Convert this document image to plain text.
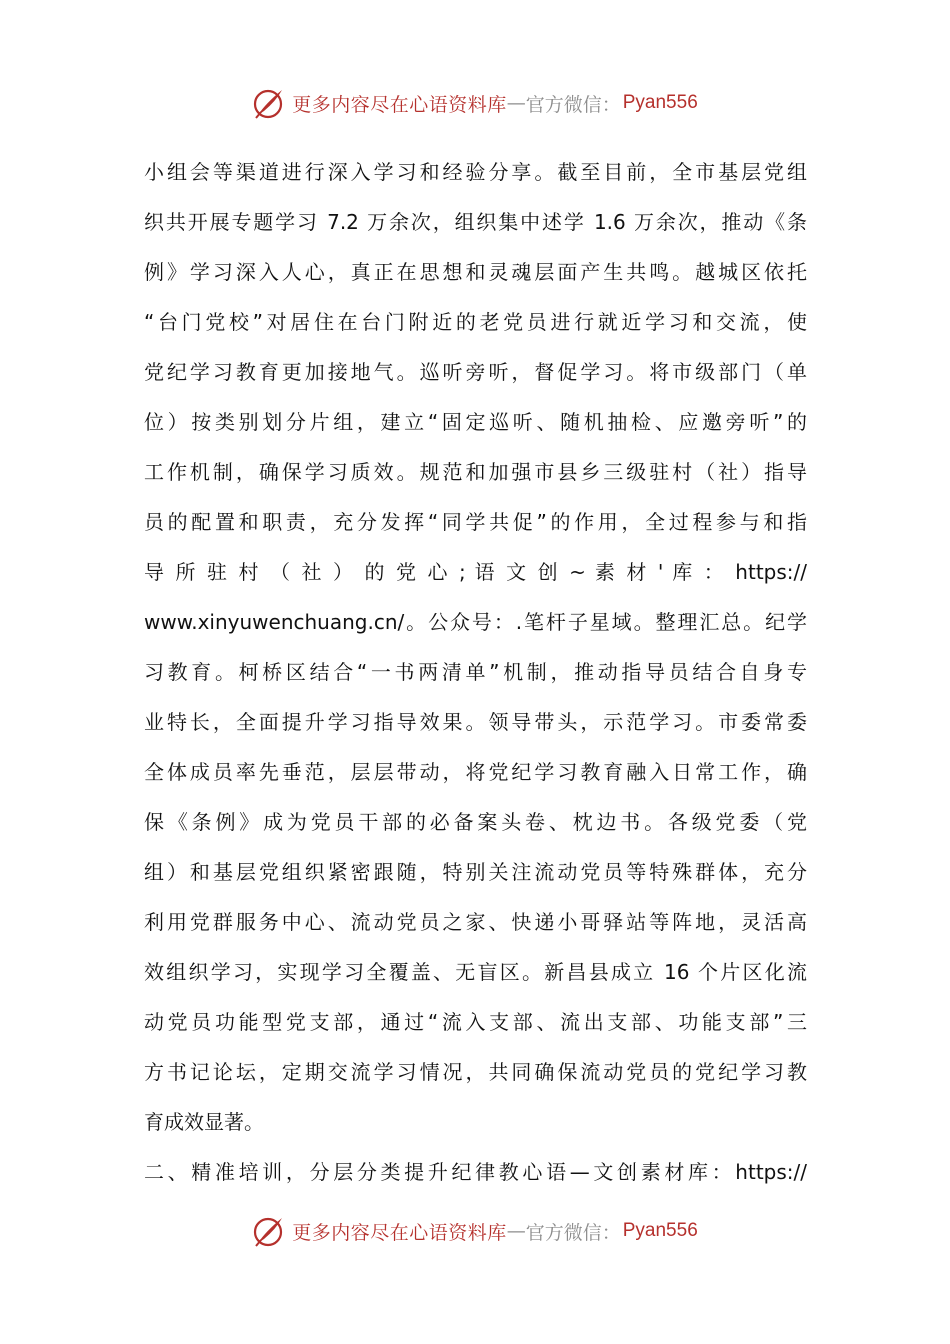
更多内容尽在心语资料库 — 官方微信： Pyan556
小组会等渠道进行深入学习和经验分享。截至目前，全市基层党组
织共开展专题学习 7.2 万余次，组织集中述学 1.6 万余次，推动《条
例》学习深入人心，真正在思想和灵魂层面产生共鸣。越城区依托
“台门党校”对居住在台门附近的老党员进行就近学习和交流，使
党纪学习教育更加接地气。巡听旁听，督促学习。将市级部门（单
位）按类别划分片组，建立“固定巡听、随机抽检、应邀旁听”的
工作机制，确保学习质效。规范和加强市县乡三级驻村（社）指导
员的配置和职责，充分发挥“同学共促”的作用，全过程参与和指
导 所 驻 村 （ 社 ） 的 党 心 ; 语 文 创 ~ 素 材 ' 库 ： https://
www.xinyuwenchuang.cn/。公众号：.笔杆子星域。整理汇总。纪学
习教育。柯桥区结合“一书两清单”机制，推动指导员结合自身专
业特长，全面提升学习指导效果。领导带头，示范学习。市委常委
全体成员率先垂范，层层带动，将党纪学习教育融入日常工作，确
保《条例》成为党员干部的必备案头卷、枕边书。各级党委（党
组）和基层党组织紧密跟随，特别关注流动党员等特殊群体，充分
利用党群服务中心、流动党员之家、快递小哥驿站等阵地，灵活高
效组织学习，实现学习全覆盖、无盲区。新昌县成立 16 个片区化流
动党员功能型党支部，通过“流入支部、流出支部、功能支部”三
方书记论坛，定期交流学习情况，共同确保流动党员的党纪学习教
育成效显著。
二、精准培训，分层分类提升纪律教心语—文创素材库：https://
更多内容尽在心语资料库 — 官方微信： Pyan556
